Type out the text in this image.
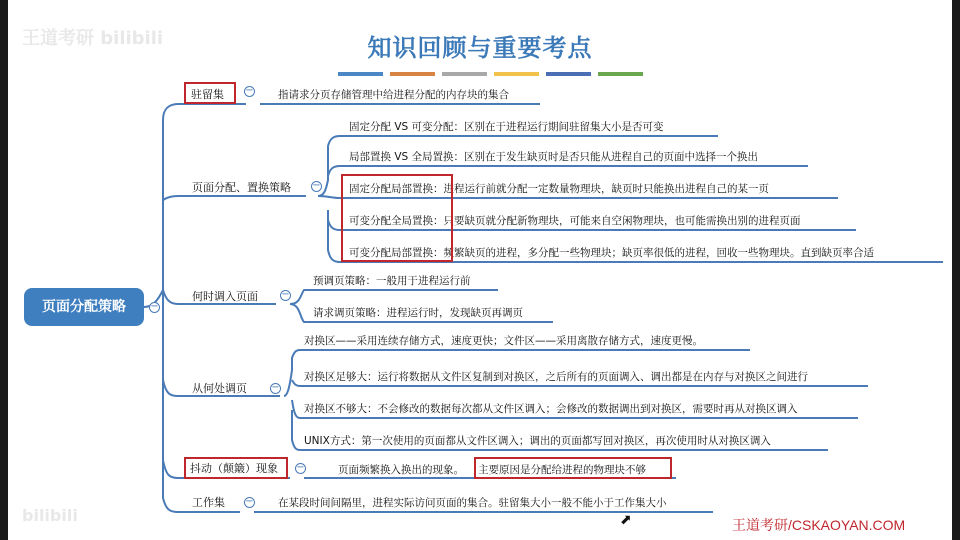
王道考研 bilibili
bilibili
知识回顾与重要考点
页面分配策略	−
驻留集 − 指请求分页存储管理中给进程分配的内存块的集合
页面分配、置换策略 −
固定分配 VS 可变分配：区别在于进程运行期间驻留集大小是否可变
局部置换 VS 全局置换：区别在于发生缺页时是否只能从进程自己的页面中选择一个换出
固定分配局部置换：进程运行前就分配一定数量物理块，缺页时只能换出进程自己的某一页
可变分配全局置换：只要缺页就分配新物理块，可能来自空闲物理块，也可能需换出别的进程页面
可变分配局部置换：频繁缺页的进程，多分配一些物理块；缺页率很低的进程，回收一些物理块。直到缺页率合适
何时调入页面 −
预调页策略：一般用于进程运行前
请求调页策略：进程运行时，发现缺页再调页
从何处调页 −
对换区——采用连续存储方式，速度更快；文件区——采用离散存储方式，速度更慢。
对换区足够大：运行将数据从文件区复制到对换区，之后所有的页面调入、调出都是在内存与对换区之间进行
对换区不够大：不会修改的数据每次都从文件区调入；会修改的数据调出到对换区，需要时再从对换区调入
UNIX方式：第一次使用的页面都从文件区调入；调出的页面都写回对换区，再次使用时从对换区调入
抖动（颠簸）现象 −	页面频繁换入换出的现象。 主要原因是分配给进程的物理块不够
工作集 − 在某段时间间隔里，进程实际访问页面的集合。驻留集大小一般不能小于工作集大小
王道考研/CSKAOYAN.COM
⬈
